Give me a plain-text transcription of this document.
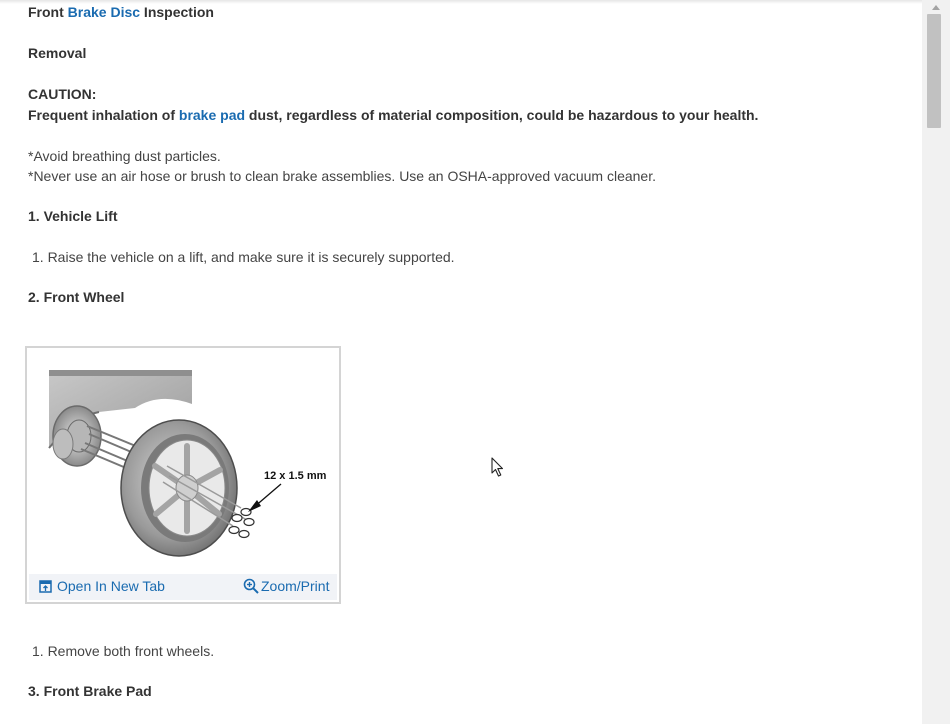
Front Brake Disc Inspection
Removal
CAUTION:
Frequent inhalation of brake pad dust, regardless of material composition, could be hazardous to your health.
*Avoid breathing dust particles.
*Never use an air hose or brush to clean brake assemblies. Use an OSHA-approved vacuum cleaner.
1. Vehicle Lift
1. Raise the vehicle on a lift, and make sure it is securely supported.
2. Front Wheel
1. Remove both front wheels.
3. Front Brake Pad
12 x 1.5 mm
Open In New Tab	Zoom/Print
